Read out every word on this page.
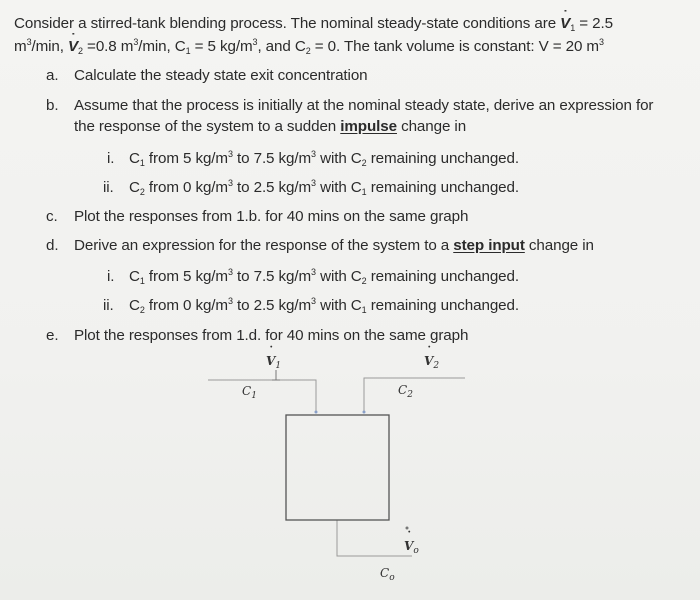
Consider a stirred-tank blending process. The nominal steady-state conditions are ˙ $V_1 = 2.5$
$m^3/\min$, ˙ $V_2 =0.8$ $m^3/\min$, $C_1 = 5$ $kg/m^3$, and $C_2 = 0$. The tank volume is constant: V = 20 $m^3$
a. Calculate the steady state exit concentration
b. Assume that the process is initially at the nominal steady state, derive an expression for
the response of the system to a sudden impulse change in
i. $C_1$ from 5 $kg/m^3$ to 7.5 $kg/m^3$ with $C_2$ remaining unchanged.
ii. $C_2$ from 0 $kg/m^3$ to 2.5 $kg/m^3$ with $C_1$ remaining unchanged.
c. Plot the responses from 1.b. for 40 mins on the same graph
d. Derive an expression for the response of the system to a step input change in
i. $C_1$ from 5 $kg/m^3$ to 7.5 $kg/m^3$ with $C_2$ remaining unchanged.
ii. $C_2$ from 0 $kg/m^3$ to 2.5 $kg/m^3$ with $C_1$ remaining unchanged.
e. Plot the responses from 1.d. for 40 mins on the same graph
˙ $V_1$
˙	$V_2$
$C_1$	$C_2$
˙ $V_o$
$C_o$
